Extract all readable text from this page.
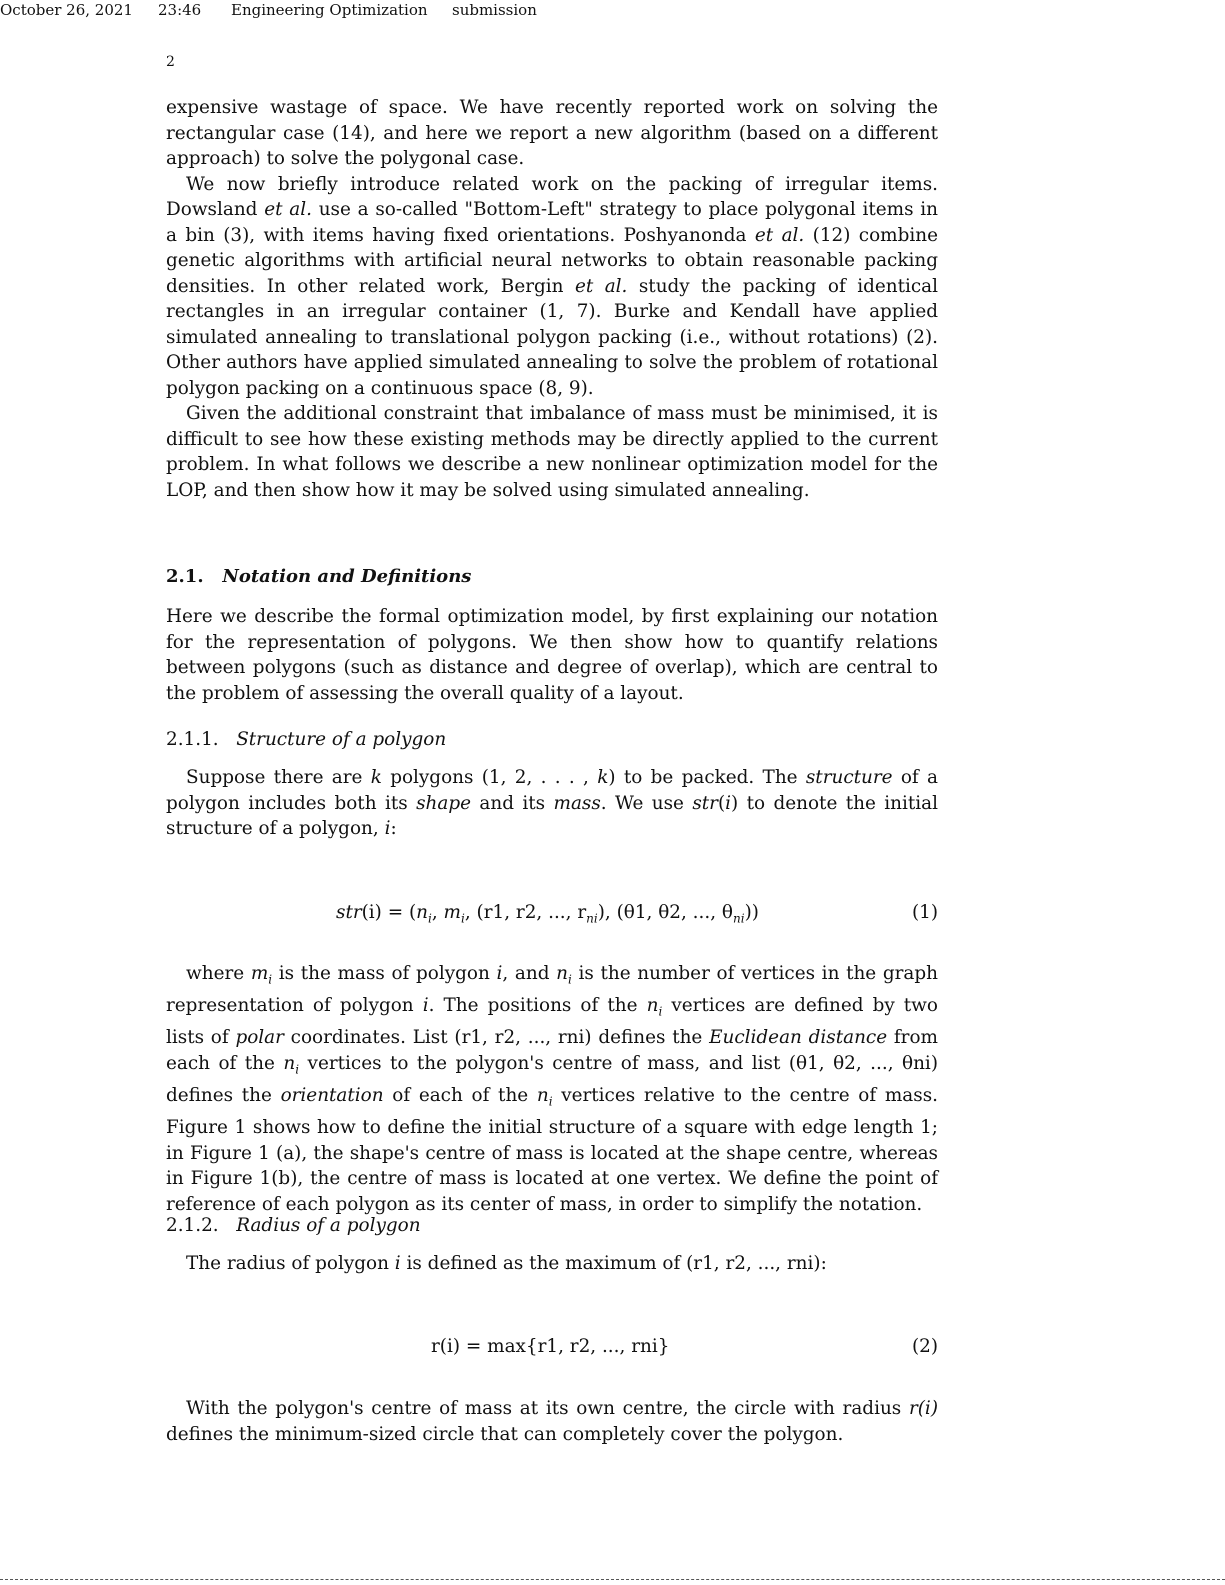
October 26, 2021 23:46 Engineering Optimization submission
2

expensive wastage of space. We have recently reported work on solving the rectangular case (14), and here we report a new algorithm (based on a different approach) to solve the polygonal case.

We now briefly introduce related work on the packing of irregular items. Dowsland et al. use a so-called "Bottom-Left" strategy to place polygonal items in a bin (3), with items having fixed orientations. Poshyanonda et al. (12) combine genetic algorithms with artificial neural networks to obtain reasonable packing densities. In other related work, Bergin et al. study the packing of identical rectangles in an irregular container (1, 7). Burke and Kendall have applied simulated annealing to translational polygon packing (i.e., without rotations) (2). Other authors have applied simulated annealing to solve the problem of rotational polygon packing on a continuous space (8, 9).

Given the additional constraint that imbalance of mass must be minimised, it is difficult to see how these existing methods may be directly applied to the current problem. In what follows we describe a new nonlinear optimization model for the LOP, and then show how it may be solved using simulated annealing.

2.1. Notation and Definitions

Here we describe the formal optimization model, by first explaining our notation for the representation of polygons. We then show how to quantify relations between polygons (such as distance and degree of overlap), which are central to the problem of assessing the overall quality of a layout.

2.1.1. Structure of a polygon

Suppose there are k polygons (1, 2, . . . , k) to be packed. The structure of a polygon includes both its shape and its mass. We use str(i) to denote the initial structure of a polygon, i:

$str(i) = (n_i$, $m_i$, (r1, r2, ..., $r_{ni}$), (θ1, θ2, ..., $\theta_{ni}$))	(1)

where $m_i$ is the mass of polygon i, and $n_i$ is the number of vertices in the graph representation of polygon i. The positions of the $n_i$ vertices are defined by two lists of polar coordinates. List (r1, r2, ..., rni) defines the Euclidean distance from each of the $n_i$ vertices to the polygon's centre of mass, and list (θ1, θ2, ..., θni) defines the orientation of each of the $n_i$ vertices relative to the centre of mass. Figure 1 shows how to define the initial structure of a square with edge length 1; in Figure 1 (a), the shape's centre of mass is located at the shape centre, whereas in Figure 1(b), the centre of mass is located at one vertex. We define the point of reference of each polygon as its center of mass, in order to simplify the notation.

2.1.2. Radius of a polygon

The radius of polygon i is defined as the maximum of (r1, r2, ..., rni):

r(i) = max{r1, r2, ..., rni}	(2)

With the polygon's centre of mass at its own centre, the circle with radius r(i) defines the minimum-sized circle that can completely cover the polygon.
